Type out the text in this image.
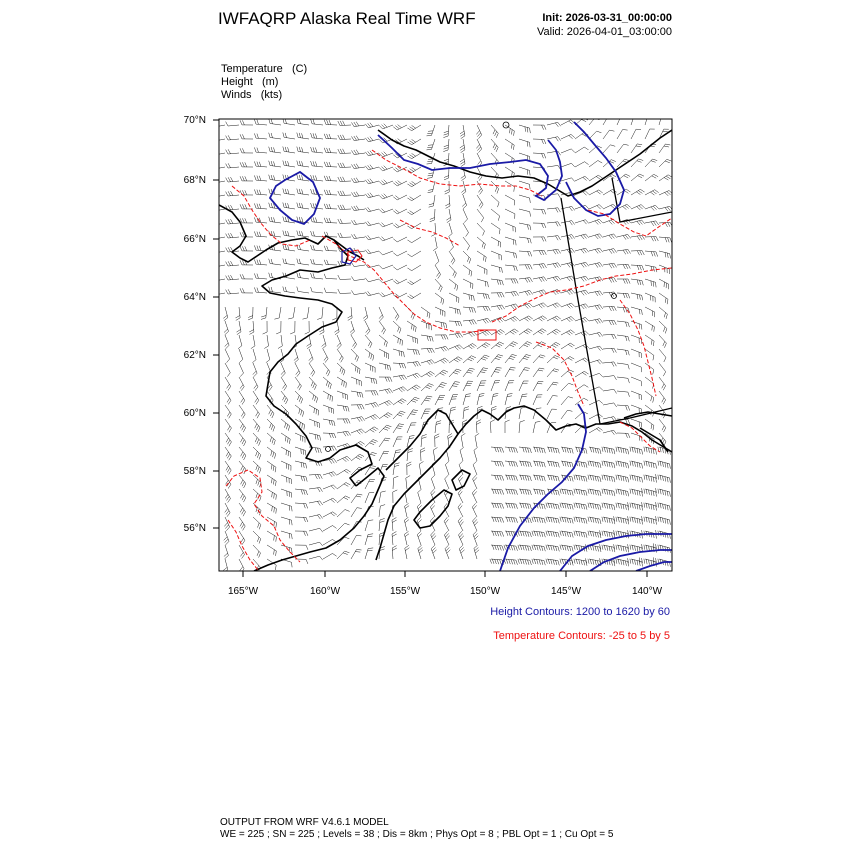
IWFAQRP Alaska Real Time WRF	Init: 2026-03-31_00:00:00
Valid: 2026-04-01_03:00:00
Temperature (C)
Height (m)
Winds (kts)
70°N
68°N
66°N
64°N
62°N
60°N
58°N
56°N
165°W	160°W	155°W	150°W	145°W	140°W
Height Contours: 1200 to 1620 by 60
Temperature Contours: -25 to 5 by 5
OUTPUT FROM WRF V4.6.1 MODEL
WE = 225 ; SN = 225 ; Levels = 38 ; Dis = 8km ; Phys Opt = 8 ; PBL Opt = 1 ; Cu Opt = 5
